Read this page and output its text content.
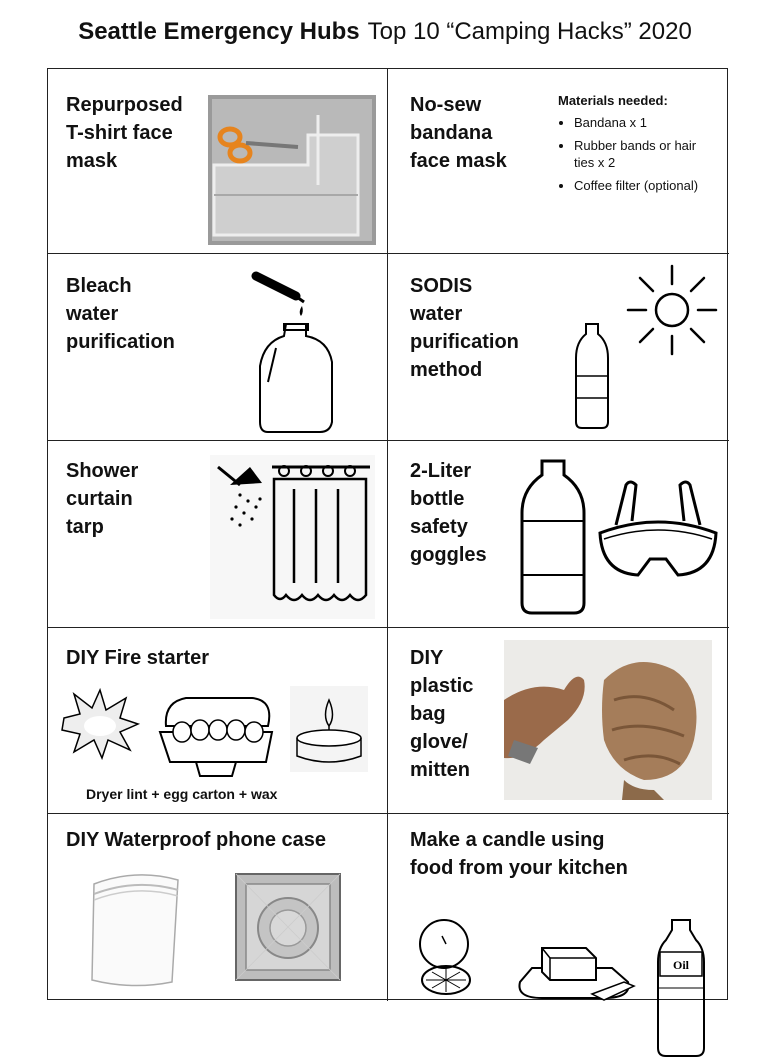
Seattle Emergency Hubs Top 10 “Camping Hacks” 2020
Repurposed
T-shirt face
mask
No-sew
bandana
face mask
Materials needed:
• Bandana x 1
• Rubber bands or hair ties x 2
• Coffee filter (optional)
Bleach
water
purification
SODIS
water
purification
method
Shower
curtain
tarp
2-Liter
bottle
safety
goggles
DIY Fire starter
Dryer lint + egg carton + wax
DIY
plastic
bag
glove/
mitten
DIY Waterproof phone case	Make a candle using
food from your kitchen
Oil
